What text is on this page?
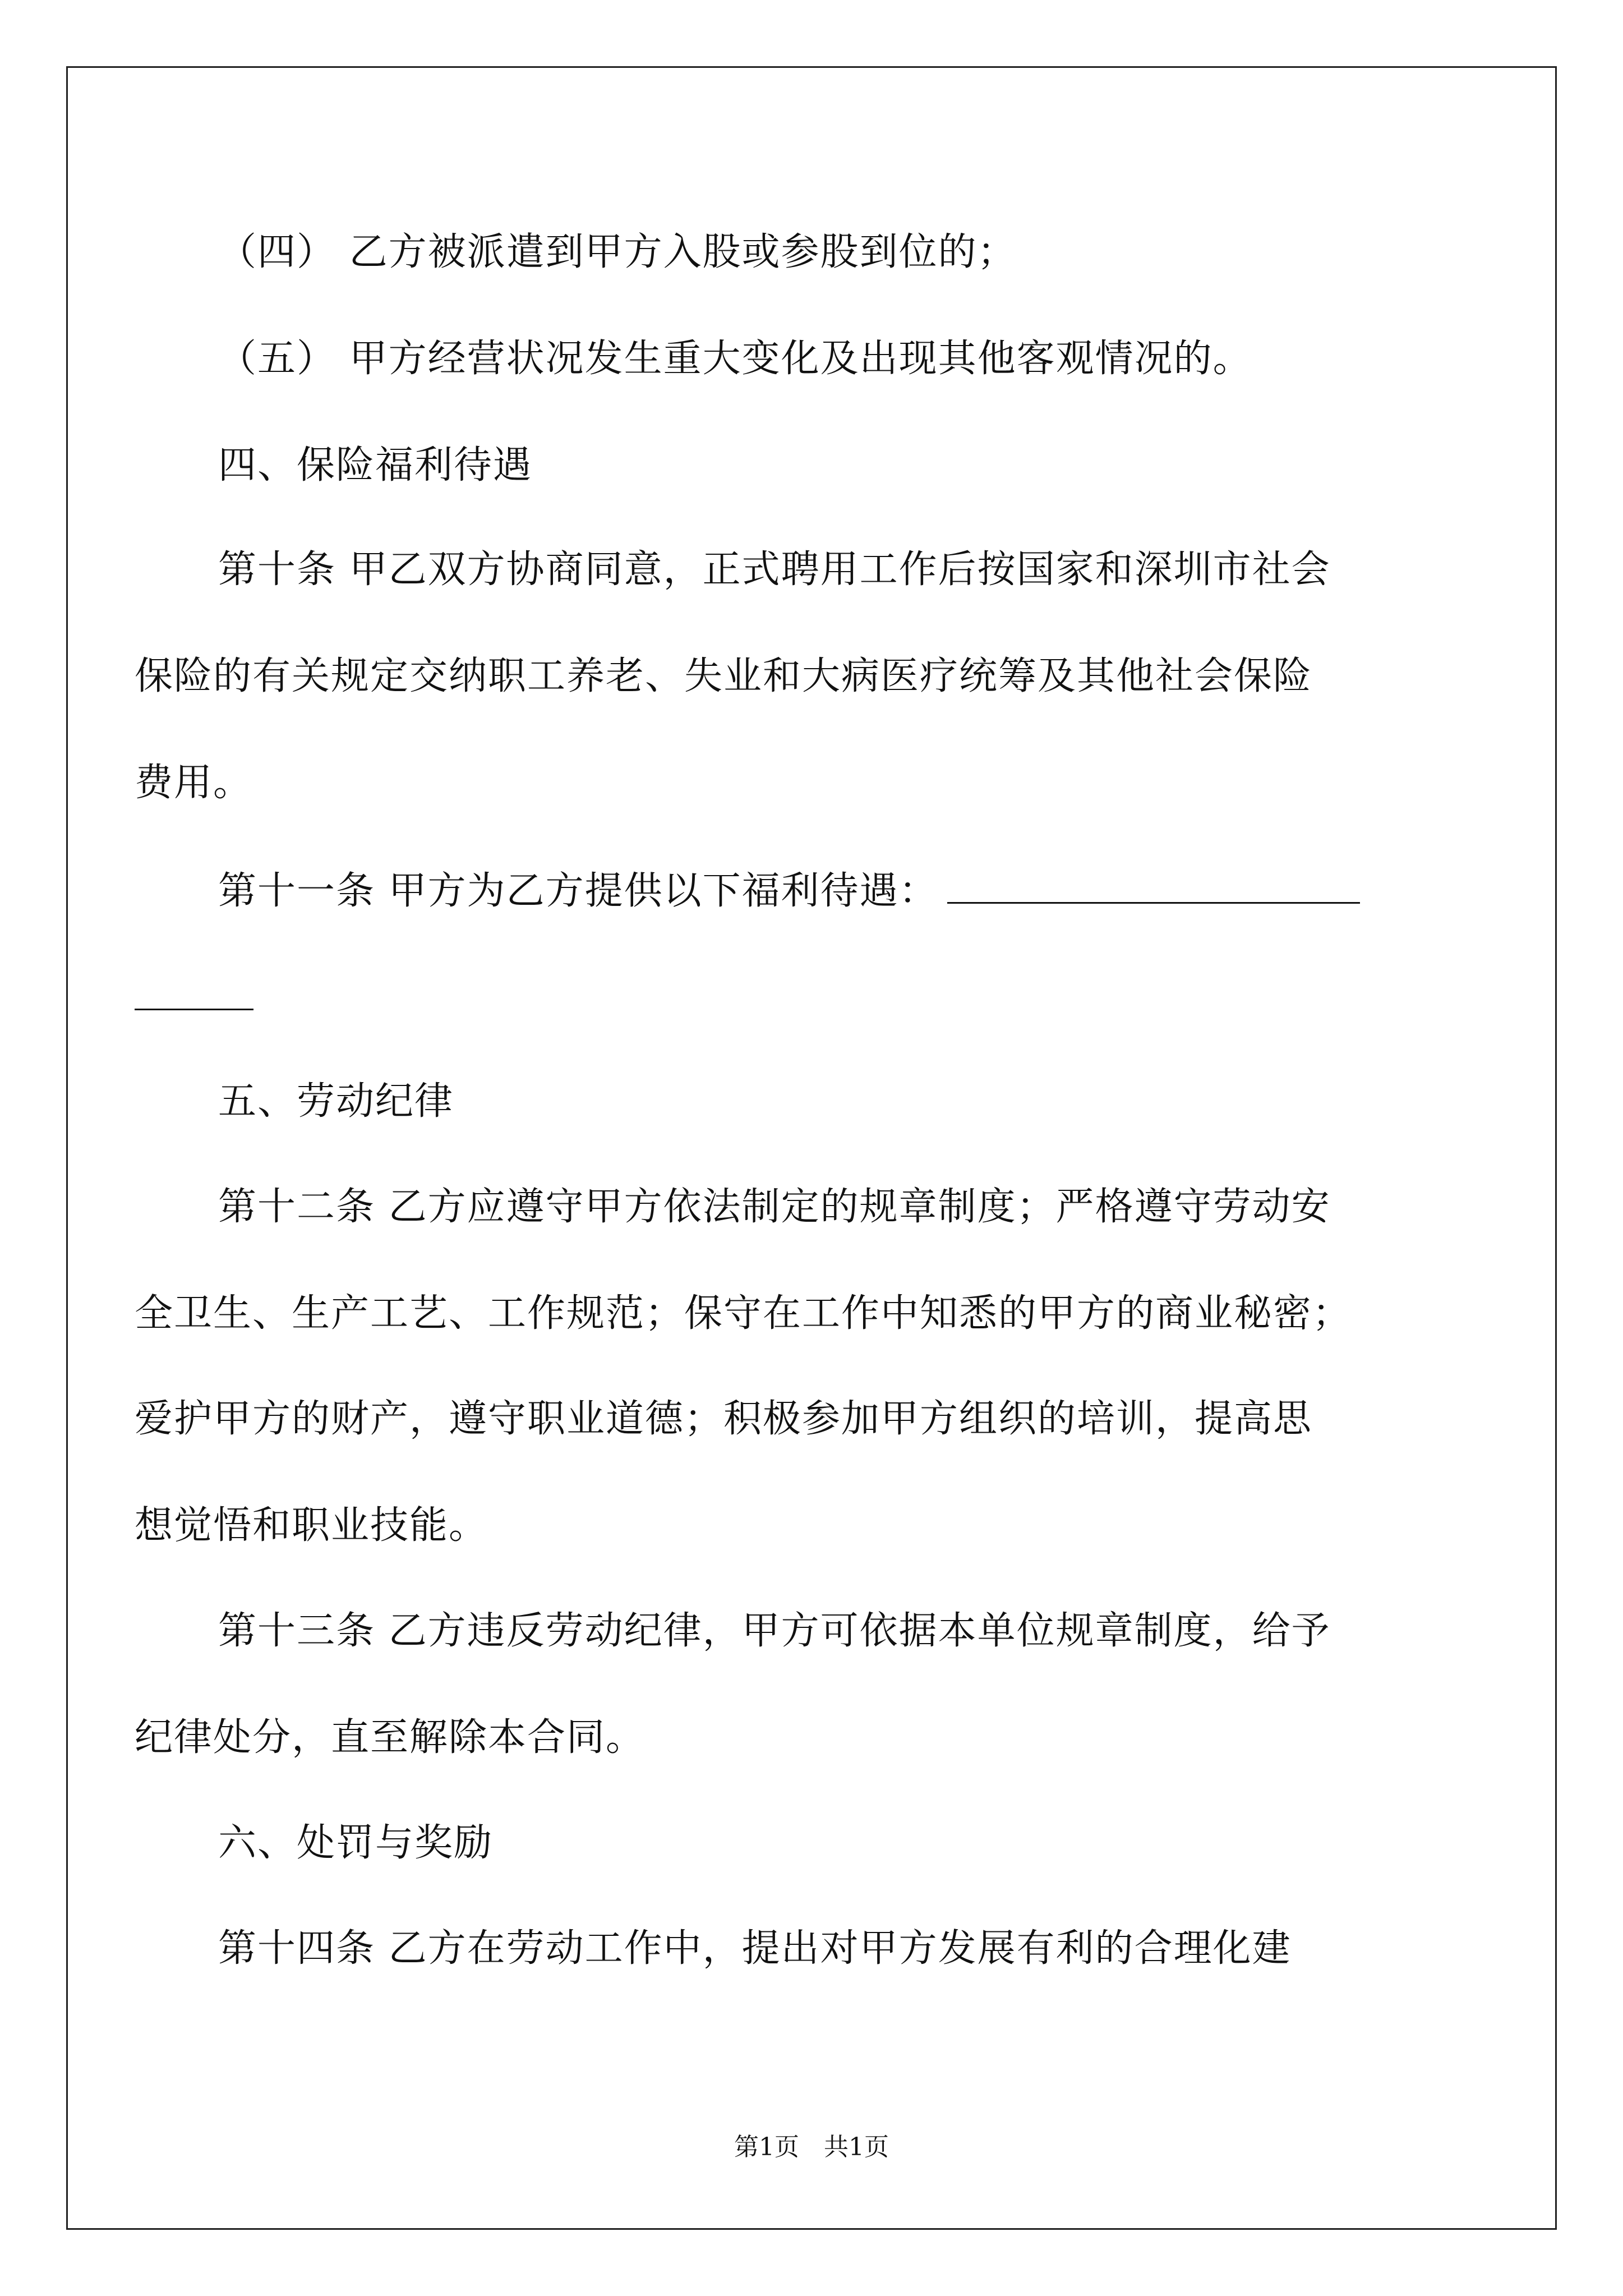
（四） 乙方被派遣到甲方入股或参股到位的；
（五） 甲方经营状况发生重大变化及出现其他客观情况的。
四、保险福利待遇
第十条 甲乙双方协商同意，正式聘用工作后按国家和深圳市社会
保险的有关规定交纳职工养老、失业和大病医疗统筹及其他社会保险
费用。
第十一条 甲方为乙方提供以下福利待遇：
五、劳动纪律
第十二条 乙方应遵守甲方依法制定的规章制度；严格遵守劳动安
全卫生、生产工艺、工作规范；保守在工作中知悉的甲方的商业秘密；
爱护甲方的财产，遵守职业道德；积极参加甲方组织的培训，提高思
想觉悟和职业技能。
第十三条 乙方违反劳动纪律，甲方可依据本单位规章制度，给予
纪律处分，直至解除本合同。
六、处罚与奖励
第十四条 乙方在劳动工作中，提出对甲方发展有利的合理化建
第1页 共1页
